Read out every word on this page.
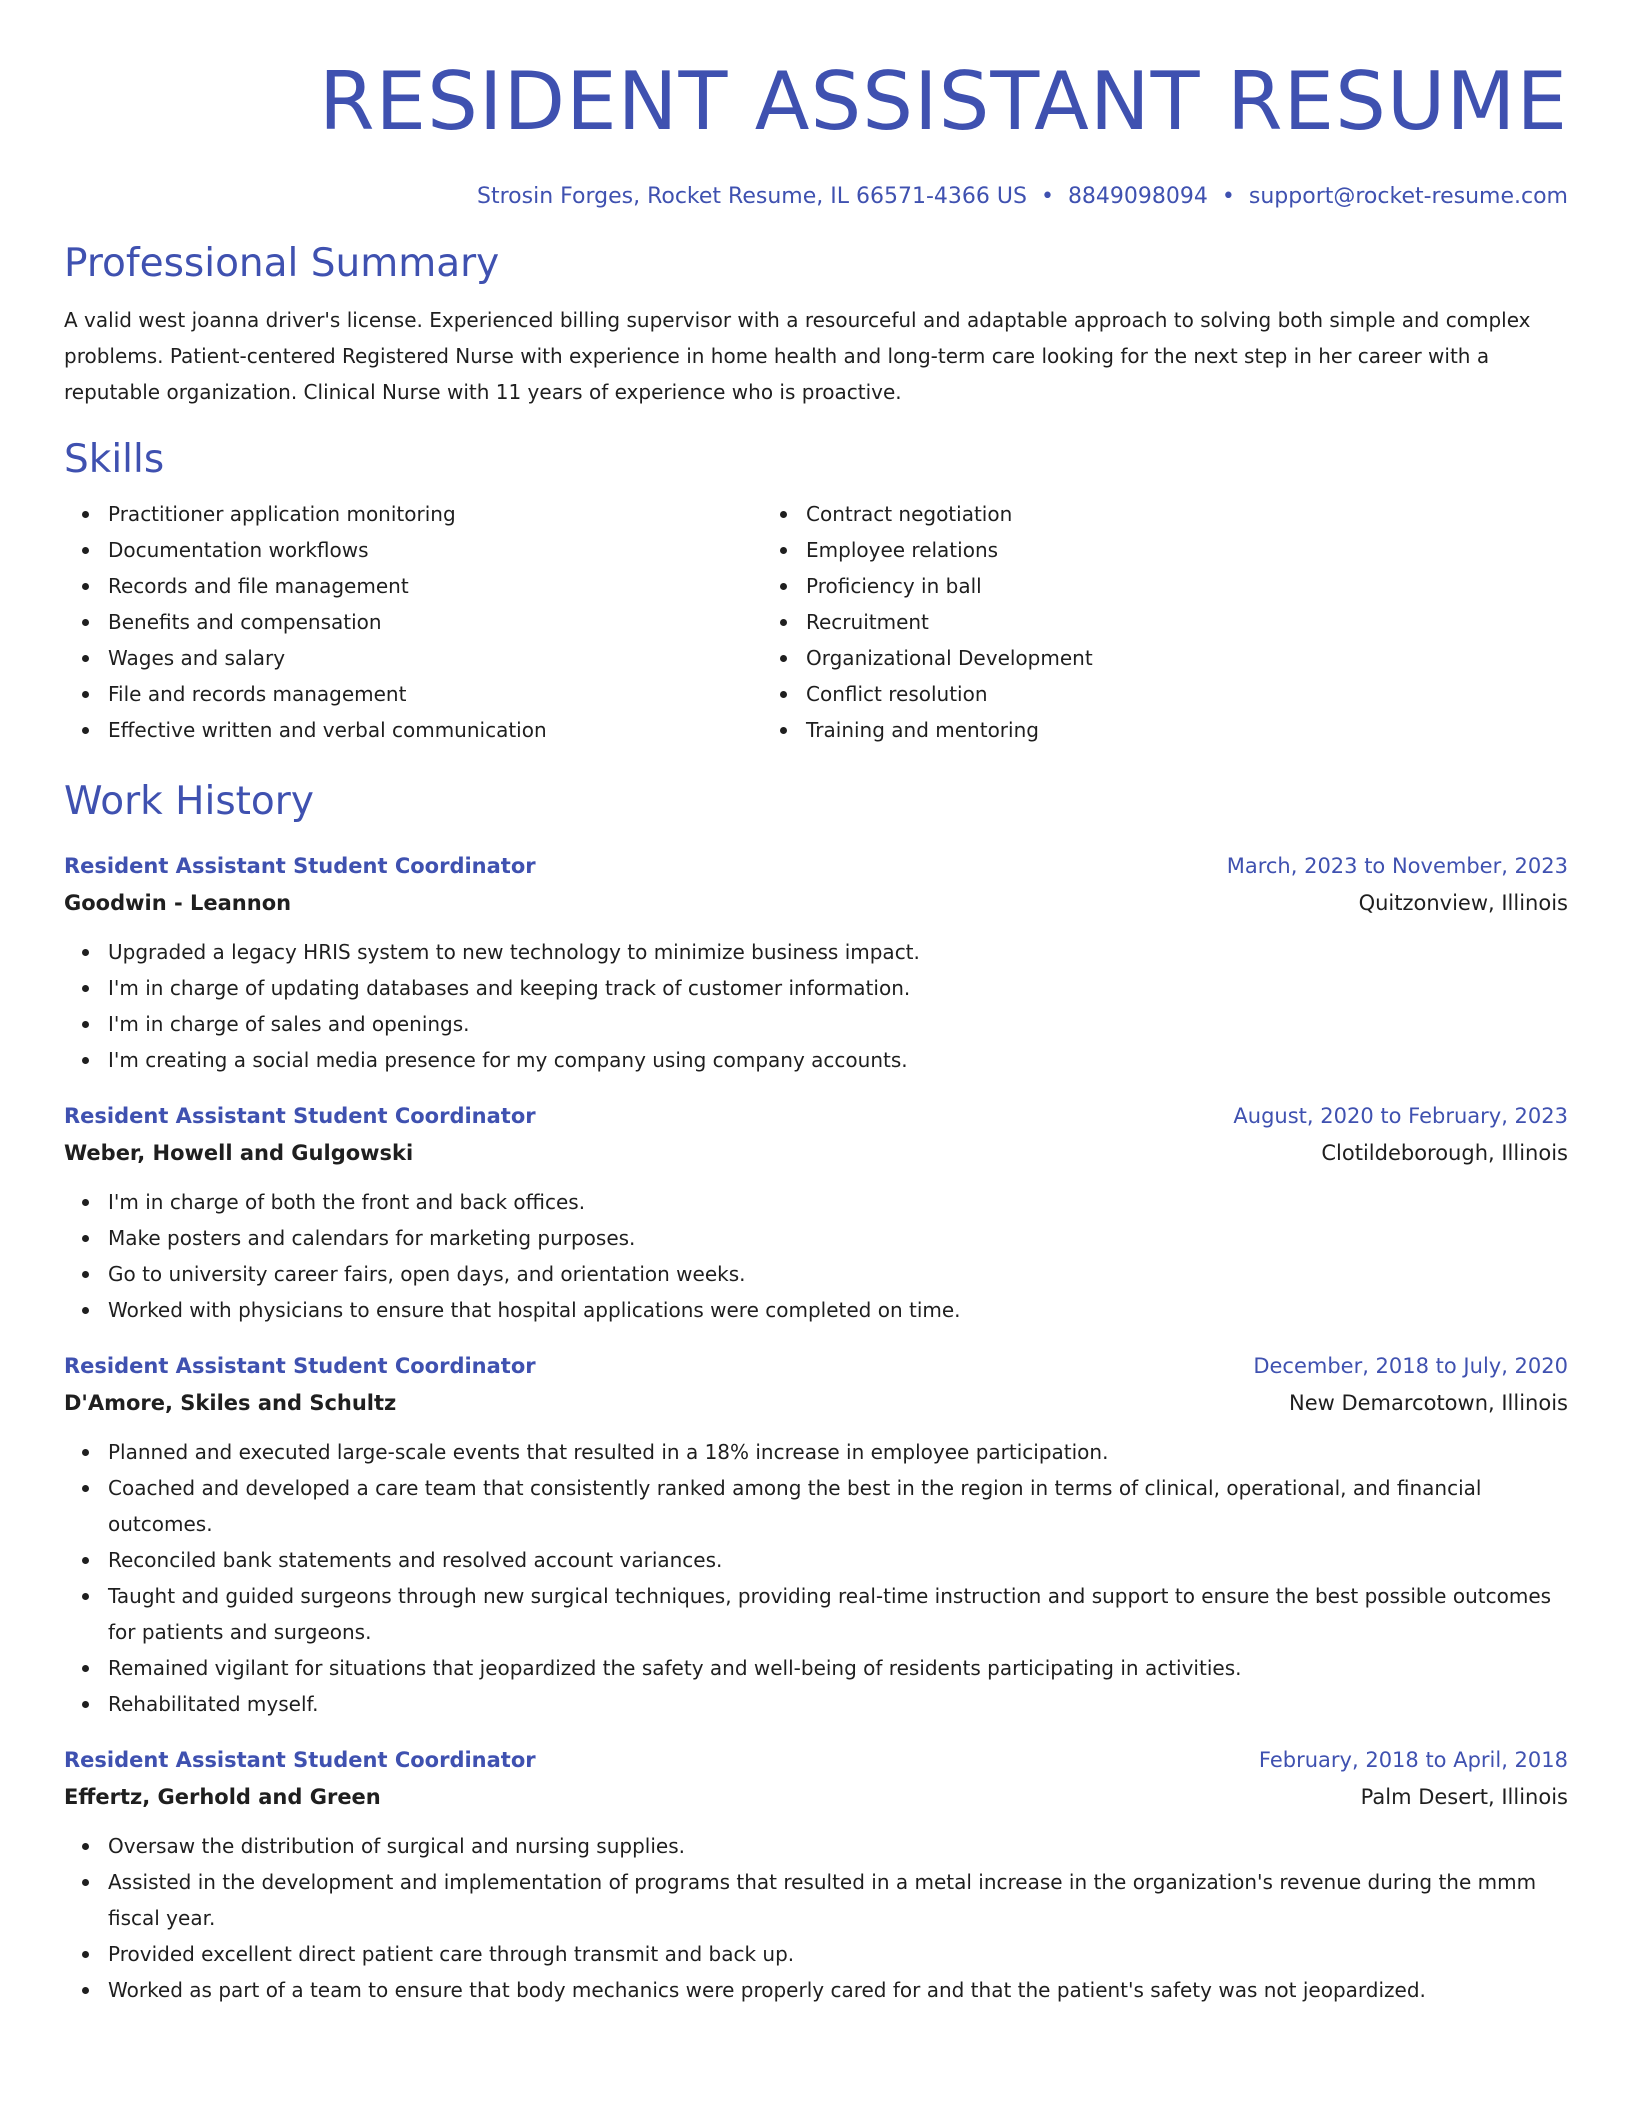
RESIDENT ASSISTANT RESUME
Strosin Forges, Rocket Resume, IL 66571-4366 US • 8849098094 • support@rocket-resume.com
Professional Summary

A valid west joanna driver's license. Experienced billing supervisor with a resourceful and adaptable approach to solving both simple and complex problems. Patient-centered Registered Nurse with experience in home health and long-term care looking for the next step in her career with a reputable organization. Clinical Nurse with 11 years of experience who is proactive.

Skills
Practitioner application monitoring
Documentation workflows
Records and file management
Benefits and compensation
Wages and salary
File and records management
Effective written and verbal communication
Contract negotiation
Employee relations
Proficiency in ball
Recruitment
Organizational Development
Conflict resolution
Training and mentoring
Work History
Resident Assistant Student Coordinator	March, 2023 to November, 2023
Goodwin - Leannon	Quitzonview, Illinois
Upgraded a legacy HRIS system to new technology to minimize business impact.
I'm in charge of updating databases and keeping track of customer information.
I'm in charge of sales and openings.
I'm creating a social media presence for my company using company accounts.
Resident Assistant Student Coordinator	August, 2020 to February, 2023
Weber, Howell and Gulgowski	Clotildeborough, Illinois
I'm in charge of both the front and back offices.
Make posters and calendars for marketing purposes.
Go to university career fairs, open days, and orientation weeks.
Worked with physicians to ensure that hospital applications were completed on time.
Resident Assistant Student Coordinator	December, 2018 to July, 2020
D'Amore, Skiles and Schultz	New Demarcotown, Illinois
Planned and executed large-scale events that resulted in a 18% increase in employee participation.
Coached and developed a care team that consistently ranked among the best in the region in terms of clinical, operational, and financial outcomes.
Reconciled bank statements and resolved account variances.
Taught and guided surgeons through new surgical techniques, providing real-time instruction and support to ensure the best possible outcomes for patients and surgeons.
Remained vigilant for situations that jeopardized the safety and well-being of residents participating in activities.
Rehabilitated myself.
Resident Assistant Student Coordinator	February, 2018 to April, 2018
Effertz, Gerhold and Green	Palm Desert, Illinois
Oversaw the distribution of surgical and nursing supplies.
Assisted in the development and implementation of programs that resulted in a metal increase in the organization's revenue during the mmm fiscal year.
Provided excellent direct patient care through transmit and back up.
Worked as part of a team to ensure that body mechanics were properly cared for and that the patient's safety was not jeopardized.
